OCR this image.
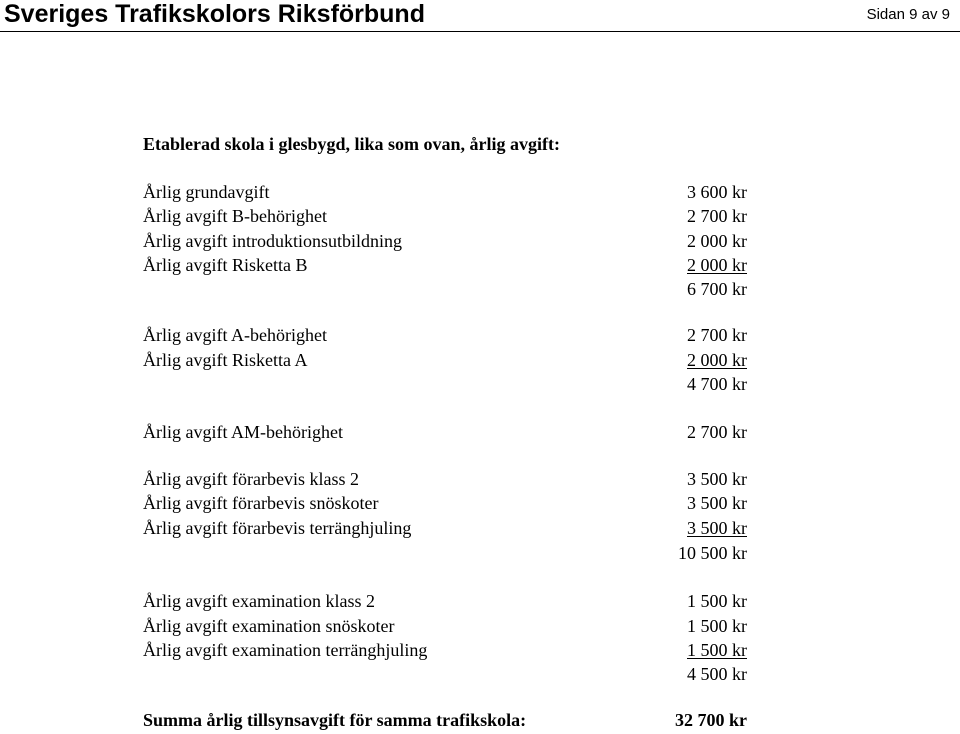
Sveriges Trafikskolors Riksförbund	Sidan 9 av 9
Etablerad skola i glesbygd, lika som ovan, årlig avgift:
Årlig grundavgift	3 600 kr
Årlig avgift B-behörighet	2 700 kr
Årlig avgift introduktionsutbildning	2 000 kr
Årlig avgift Risketta B	2 000 kr
6 700 kr
Årlig avgift A-behörighet	2 700 kr
Årlig avgift Risketta A	2 000 kr
4 700 kr
Årlig avgift AM-behörighet	2 700 kr
Årlig avgift förarbevis klass 2	3 500 kr
Årlig avgift förarbevis snöskoter	3 500 kr
Årlig avgift förarbevis terränghjuling	3 500 kr
10 500 kr
Årlig avgift examination klass 2	1 500 kr
Årlig avgift examination snöskoter	1 500 kr
Årlig avgift examination terränghjuling	1 500 kr
4 500 kr
Summa årlig tillsynsavgift för samma trafikskola:	32 700 kr
